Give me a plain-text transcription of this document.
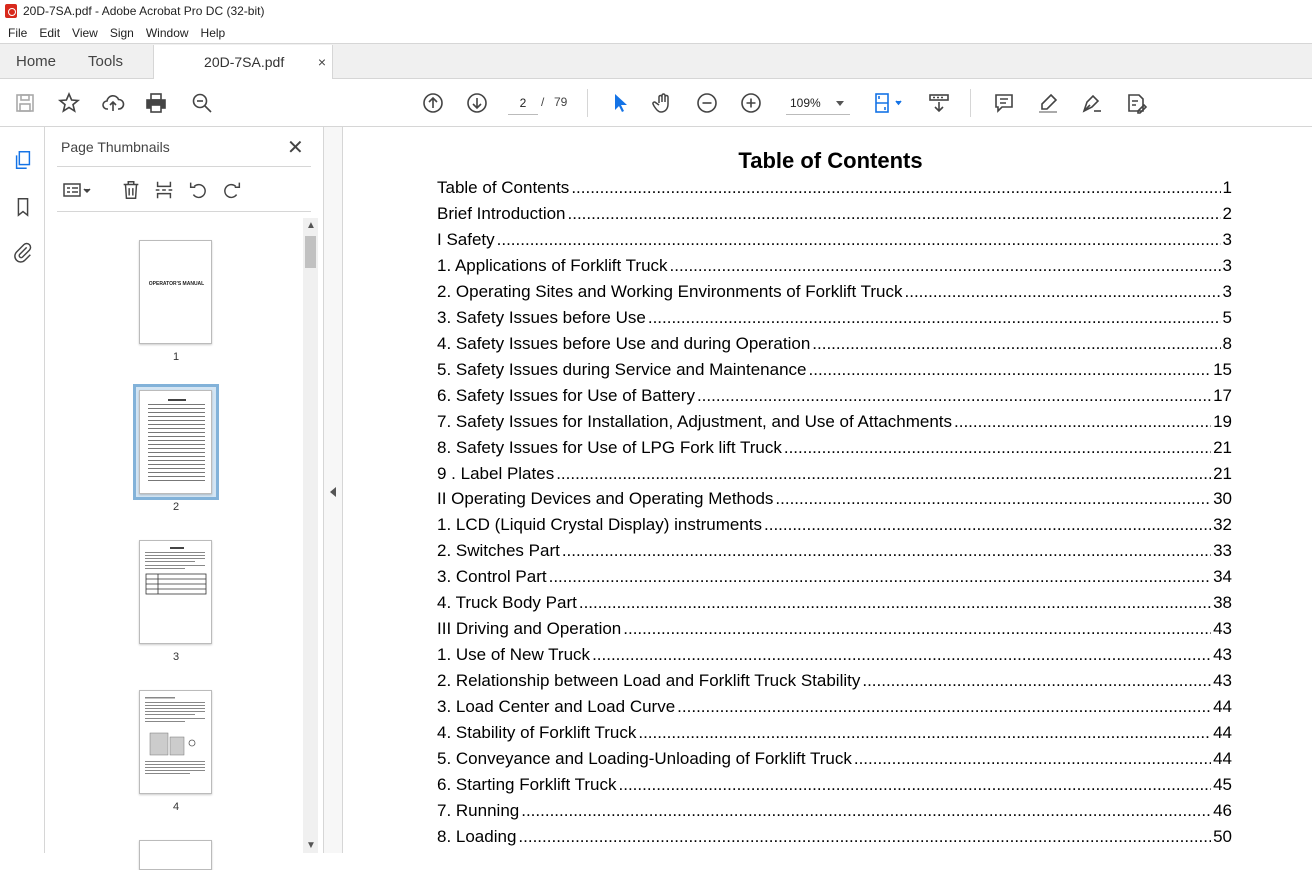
20D-7SA.pdf - Adobe Acrobat Pro DC (32-bit)
File	Edit	View	Sign	Window	Help
Home	Tools	20D-7SA.pdf ×
2	/ 79	109%
Page Thumbnails	✕
OPERATOR'S MANUAL
1
2
3
4
▲
▼
Table of Contents
Table of Contents .....	1
Brief Introduction .....	2
I Safety .....	3
1. Applications of Forklift Truck .....	3
2. Operating Sites and Working Environments of Forklift Truck .....	3
3. Safety Issues before Use .....	5
4. Safety Issues before Use and during Operation .....	8
5. Safety Issues during Service and Maintenance .....	15
6. Safety Issues for Use of Battery .....	17
7. Safety Issues for Installation, Adjustment, and Use of Attachments .....	19
8. Safety Issues for Use of LPG Fork lift Truck .....	21
9 . Label Plates .....	21
II Operating Devices and Operating Methods .....	30
1. LCD (Liquid Crystal Display) instruments .....	32
2. Switches Part .....	33
3. Control Part .....	34
4. Truck Body Part .....	38
III Driving and Operation .....	43
1. Use of New Truck .....	43
2. Relationship between Load and Forklift Truck Stability .....	43
3. Load Center and Load Curve .....	44
4. Stability of Forklift Truck .....	44
5. Conveyance and Loading-Unloading of Forklift Truck .....	44
6. Starting Forklift Truck .....	45
7. Running .....	46
8. Loading .....	50
